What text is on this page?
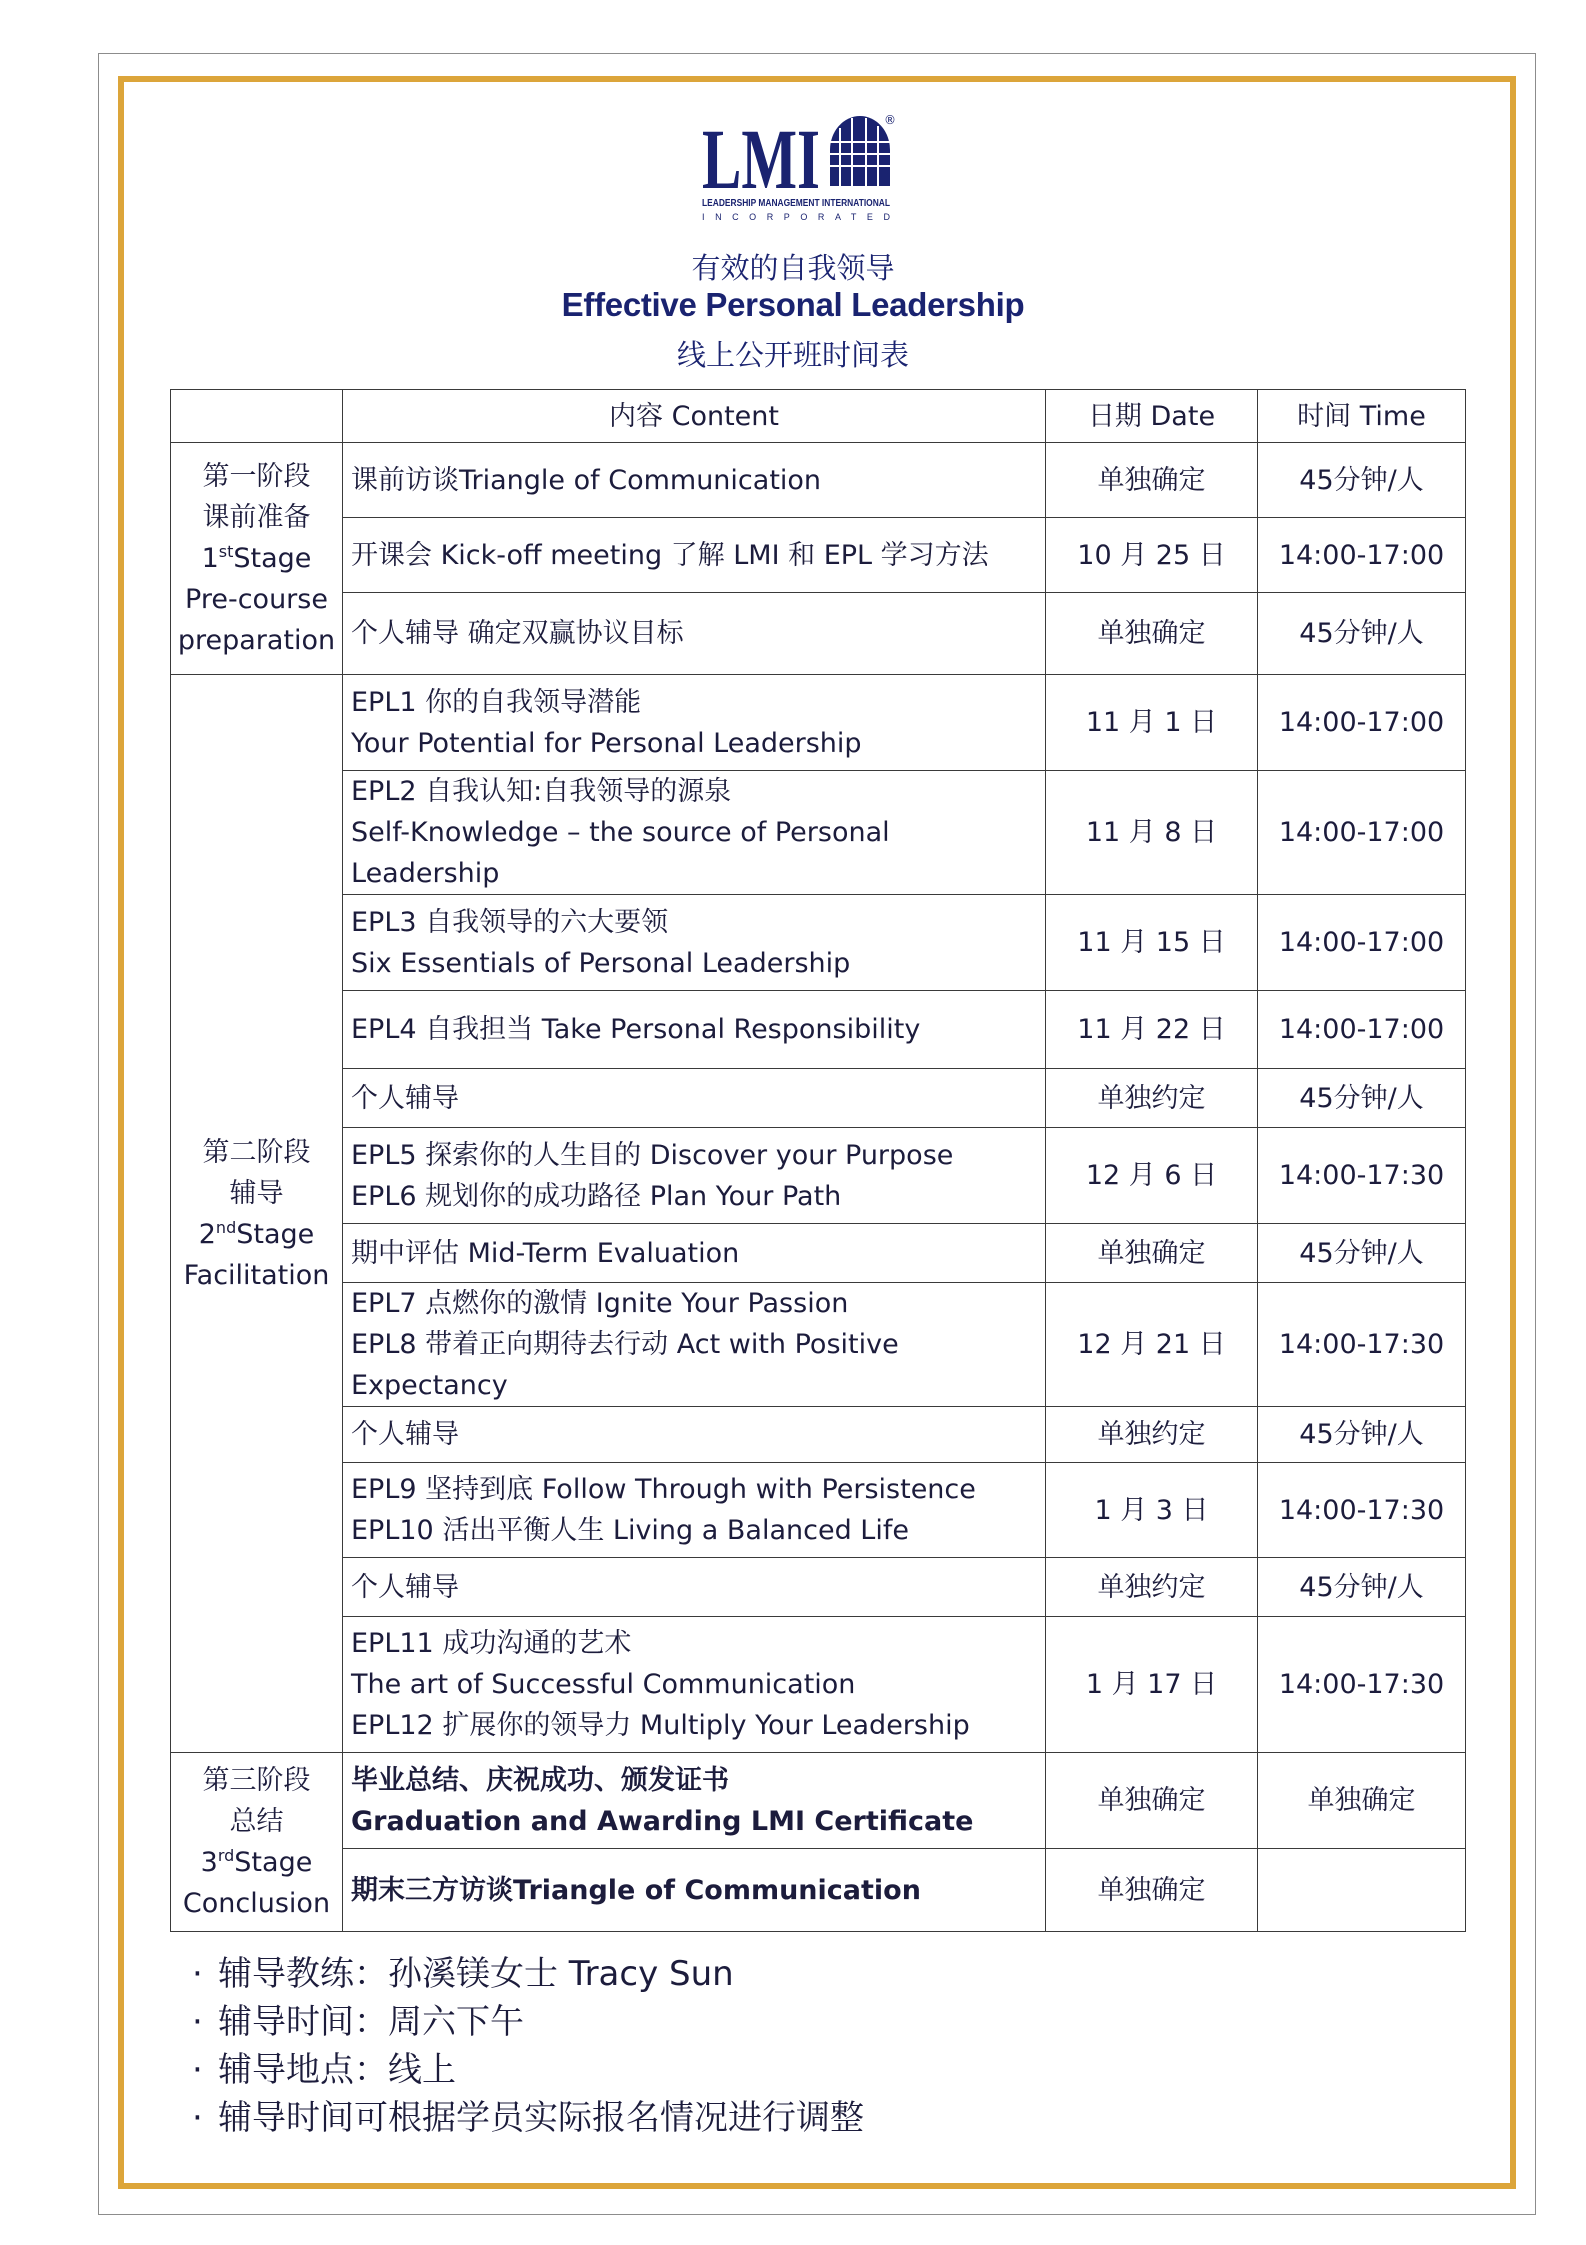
LMI	®
LEADERSHIP MANAGEMENT INTERNATIONAL
INCORPORATED
有效的自我领导
Effective Personal Leadership
线上公开班时间表
	内容 Content	日期 Date	时间 Time

第一阶段
课前准备
1stStage
Pre-course
preparation	课前访谈Triangle of Communication	单独确定	45分钟/人

	开课会 Kick-off meeting 了解 LMI 和 EPL 学习方法	10 月 25 日	14:00-17:00

	个人辅导 确定双赢协议目标	单独确定	45分钟/人

第二阶段
辅导
2ndStage
Facilitation	EPL1 你的自我领导潜能
Your Potential for Personal Leadership	11 月 1 日	14:00-17:00

	EPL2 自我认知:自我领导的源泉
Self-Knowledge – the source of Personal Leadership	11 月 8 日	14:00-17:00

	EPL3 自我领导的六大要领
Six Essentials of Personal Leadership	11 月 15 日	14:00-17:00

	EPL4 自我担当 Take Personal Responsibility	11 月 22 日	14:00-17:00

	个人辅导	单独约定	45分钟/人

	EPL5 探索你的人生目的 Discover your Purpose
EPL6 规划你的成功路径 Plan Your Path	12 月 6 日	14:00-17:30

	期中评估 Mid-Term Evaluation	单独确定	45分钟/人

	EPL7 点燃你的激情 Ignite Your Passion
EPL8 带着正向期待去行动 Act with Positive
Expectancy	12 月 21 日	14:00-17:30

	个人辅导	单独约定	45分钟/人

	EPL9 坚持到底 Follow Through with Persistence
EPL10 活出平衡人生 Living a Balanced Life	1 月 3 日	14:00-17:30

	个人辅导	单独约定	45分钟/人

	EPL11 成功沟通的艺术
The art of Successful Communication
EPL12 扩展你的领导力 Multiply Your Leadership	1 月 17 日	14:00-17:30

第三阶段
总结
3rdStage
Conclusion	毕业总结、庆祝成功、颁发证书
Graduation and Awarding LMI Certificate	单独确定	单独确定

	期末三方访谈Triangle of Communication	单独确定	
· 辅导教练：孙溪镁女士 Tracy Sun
· 辅导时间：周六下午
· 辅导地点：线上
· 辅导时间可根据学员实际报名情况进行调整
